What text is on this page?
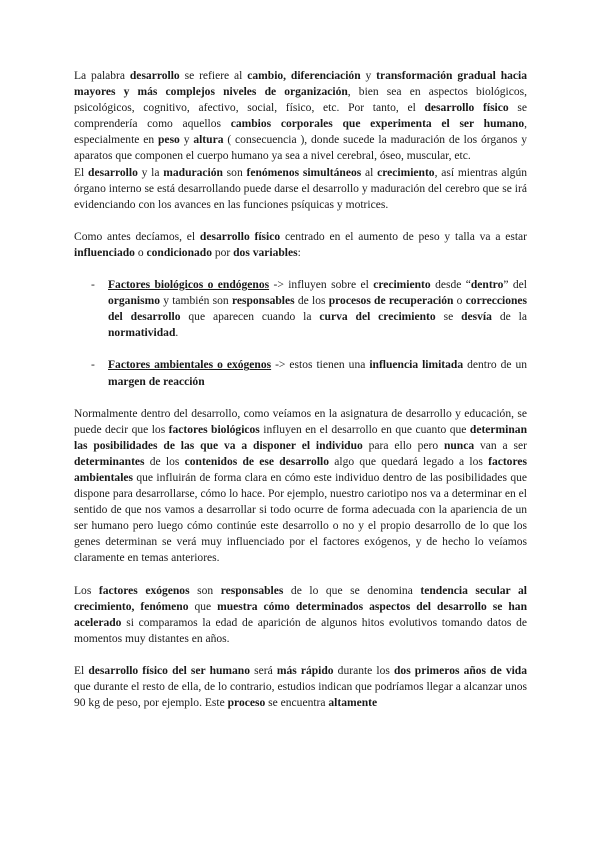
La palabra desarrollo se refiere al cambio, diferenciación y transformación gradual hacia mayores y más complejos niveles de organización, bien sea en aspectos biológicos, psicológicos, cognitivo, afectivo, social, físico, etc. Por tanto, el desarrollo físico se comprendería como aquellos cambios corporales que experimenta el ser humano, especialmente en peso y altura ( consecuencia ), donde sucede la maduración de los órganos y aparatos que componen el cuerpo humano ya sea a nivel cerebral, óseo, muscular, etc.

El desarrollo y la maduración son fenómenos simultáneos al crecimiento, así mientras algún órgano interno se está desarrollando puede darse el desarrollo y maduración del cerebro que se irá evidenciando con los avances en las funciones psíquicas y motrices.

Como antes decíamos, el desarrollo físico centrado en el aumento de peso y talla va a estar influenciado o condicionado por dos variables:

- Factores biológicos o endógenos -> influyen sobre el crecimiento desde “dentro” del organismo y también son responsables de los procesos de recuperación o correcciones del desarrollo que aparecen cuando la curva del crecimiento se desvía de la normatividad.
- Factores ambientales o exógenos -> estos tienen una influencia limitada dentro de un margen de reacción

Normalmente dentro del desarrollo, como veíamos en la asignatura de desarrollo y educación, se puede decir que los factores biológicos influyen en el desarrollo en que cuanto que determinan las posibilidades de las que va a disponer el individuo para ello pero nunca van a ser determinantes de los contenidos de ese desarrollo algo que quedará legado a los factores ambientales que influirán de forma clara en cómo este individuo dentro de las posibilidades que dispone para desarrollarse, cómo lo hace. Por ejemplo, nuestro cariotipo nos va a determinar en el sentido de que nos vamos a desarrollar si todo ocurre de forma adecuada con la apariencia de un ser humano pero luego cómo continúe este desarrollo o no y el propio desarrollo de lo que los genes determinan se verá muy influenciado por el factores exógenos, y de hecho lo veíamos claramente en temas anteriores.

Los factores exógenos son responsables de lo que se denomina tendencia secular al crecimiento, fenómeno que muestra cómo determinados aspectos del desarrollo se han acelerado si comparamos la edad de aparición de algunos hitos evolutivos tomando datos de momentos muy distantes en años.

El desarrollo físico del ser humano será más rápido durante los dos primeros años de vida que durante el resto de ella, de lo contrario, estudios indican que podríamos llegar a alcanzar unos 90 kg de peso, por ejemplo. Este proceso se encuentra altamente
